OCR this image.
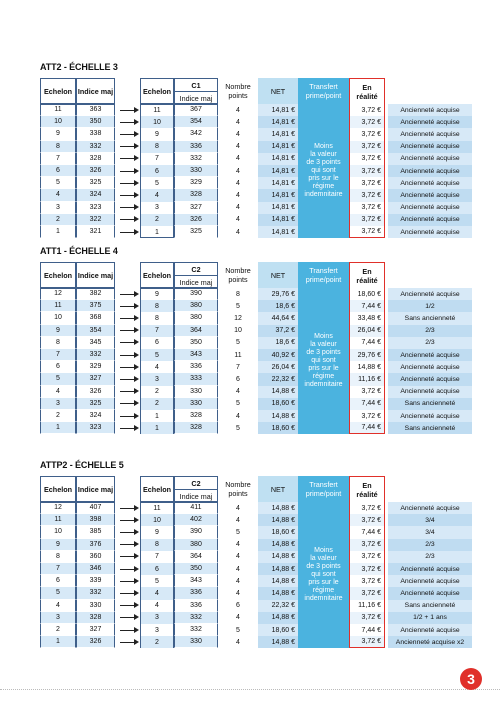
ATT2 - ÉCHELLE 3
Echelon Indice maj	Echelon
C1
Indice maj
Nombre
points	NET	Transfert
prime/point
En
réalité
Moins
la valeur
de 3 points
qui sont
pris sur le
régime
indemnitaire
11	363	11	367	4	14,81 €	3,72 €	Ancienneté acquise
10	350	10	354	4	14,81 €	3,72 €	Ancienneté acquise
9	338	9	342	4	14,81 €	3,72 €	Ancienneté acquise
8	332	8	336	4	14,81 €	3,72 €	Ancienneté acquise
7	328	7	332	4	14,81 €	3,72 €	Ancienneté acquise
6	326	6	330	4	14,81 €	3,72 €	Ancienneté acquise
5	325	5	329	4	14,81 €	3,72 €	Ancienneté acquise
4	324	4	328	4	14,81 €	3,72 €	Ancienneté acquise
3	323	3	327	4	14,81 €	3,72 €	Ancienneté acquise
2	322	2	326	4	14,81 €	3,72 €	Ancienneté acquise
1	321	1	325	4	14,81 €	3,72 €	Ancienneté acquise
ATT1 - ÉCHELLE 4
Echelon Indice maj	Echelon
C2
Indice maj
Nombre
points	NET	Transfert
prime/point
En
réalité
Moins
la valeur
de 3 points
qui sont
pris sur le
régime
indemnitaire
12	382	9	390	8	29,76 €	18,60 €	Ancienneté acquise
11	375	8	380	5	18,6 €	7,44 €	1/2
10	368	8	380	12	44,64 €	33,48 €	Sans ancienneté
9	354	7	364	10	37,2 €	26,04 €	2/3
8	345	6	350	5	18,6 €	7,44 €	2/3
7	332	5	343	11	40,92 €	29,76 €	Ancienneté acquise
6	329	4	336	7	26,04 €	14,88 €	Ancienneté acquise
5	327	3	333	6	22,32 €	11,16 €	Ancienneté acquise
4	326	2	330	4	14,88 €	3,72 €	Ancienneté acquise
3	325	2	330	5	18,60 €	7,44 €	Sans ancienneté
2	324	1	328	4	14,88 €	3,72 €	Ancienneté acquise
1	323	1	328	5	18,60 €	7,44 €	Sans ancienneté
ATTP2 - ÉCHELLE 5
Echelon Indice maj	Echelon
C2
Indice maj
Nombre
points	NET	Transfert
prime/point
En
réalité
Moins
la valeur
de 3 points
qui sont
pris sur le
régime
indemnitaire
12	407	11	411	4	14,88 €	3,72 €	Ancienneté acquise
11	398	10	402	4	14,88 €	3,72 €	3/4
10	385	9	390	5	18,60 €	7,44 €	3/4
9	376	8	380	4	14,88 €	3,72 €	2/3
8	360	7	364	4	14,88 €	3,72 €	2/3
7	346	6	350	4	14,88 €	3,72 €	Ancienneté acquise
6	339	5	343	4	14,88 €	3,72 €	Ancienneté acquise
5	332	4	336	4	14,88 €	3,72 €	Ancienneté acquise
4	330	4	336	6	22,32 €	11,16 €	Sans ancienneté
3	328	3	332	4	14,88 €	3,72 €	1/2 + 1 ans
2	327	3	332	5	18,60 €	7,44 €	Ancienneté acquise
1	326	2	330	4	14,88 €	3,72 €	Ancienneté acquise x2
3
